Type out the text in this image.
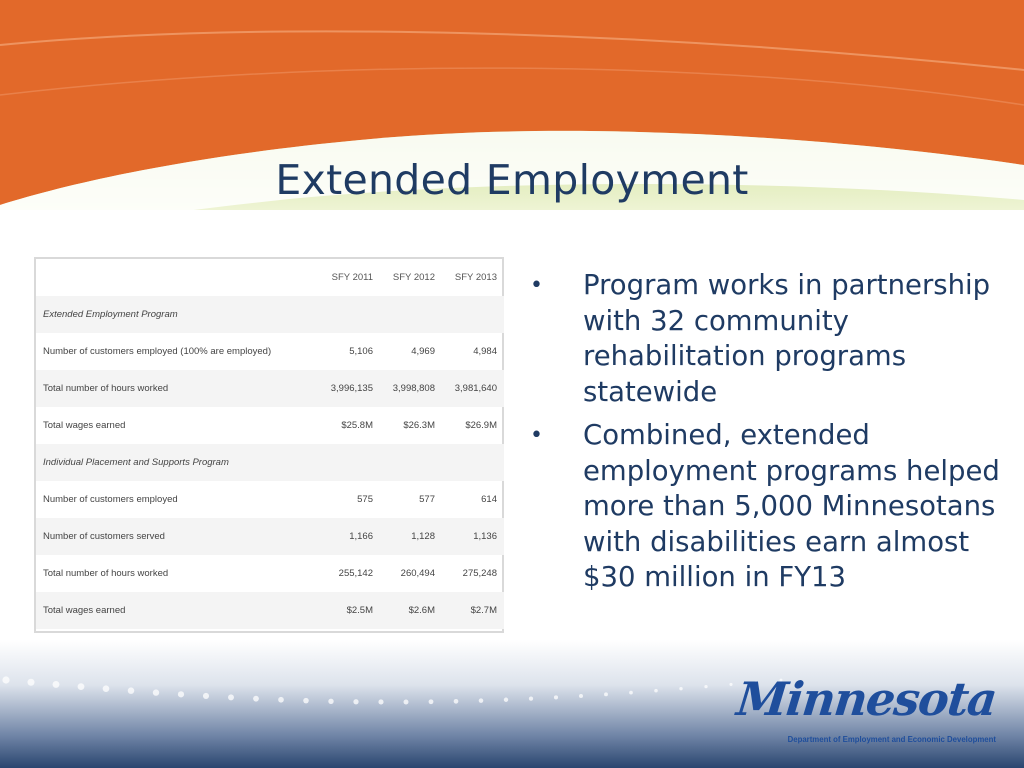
Extended Employment
	SFY 2011	SFY 2012	SFY 2013
Extended Employment Program			
Number of customers employed (100% are employed)	5,106	4,969	4,984
Total number of hours worked	3,996,135	3,998,808	3,981,640
Total wages earned	$25.8M	$26.3M	$26.9M
Individual Placement and Supports Program			
Number of customers employed	575	577	614
Number of customers served	1,166	1,128	1,136
Total number of hours worked	255,142	260,494	275,248
Total wages earned	$2.5M	$2.6M	$2.7M
• Program works in partnership with 32 community rehabilitation programs statewide
• Combined, extended employment programs helped more than 5,000 Minnesotans with disabilities earn almost $30 million in FY13
Minnesota
Department of Employment and Economic Development
